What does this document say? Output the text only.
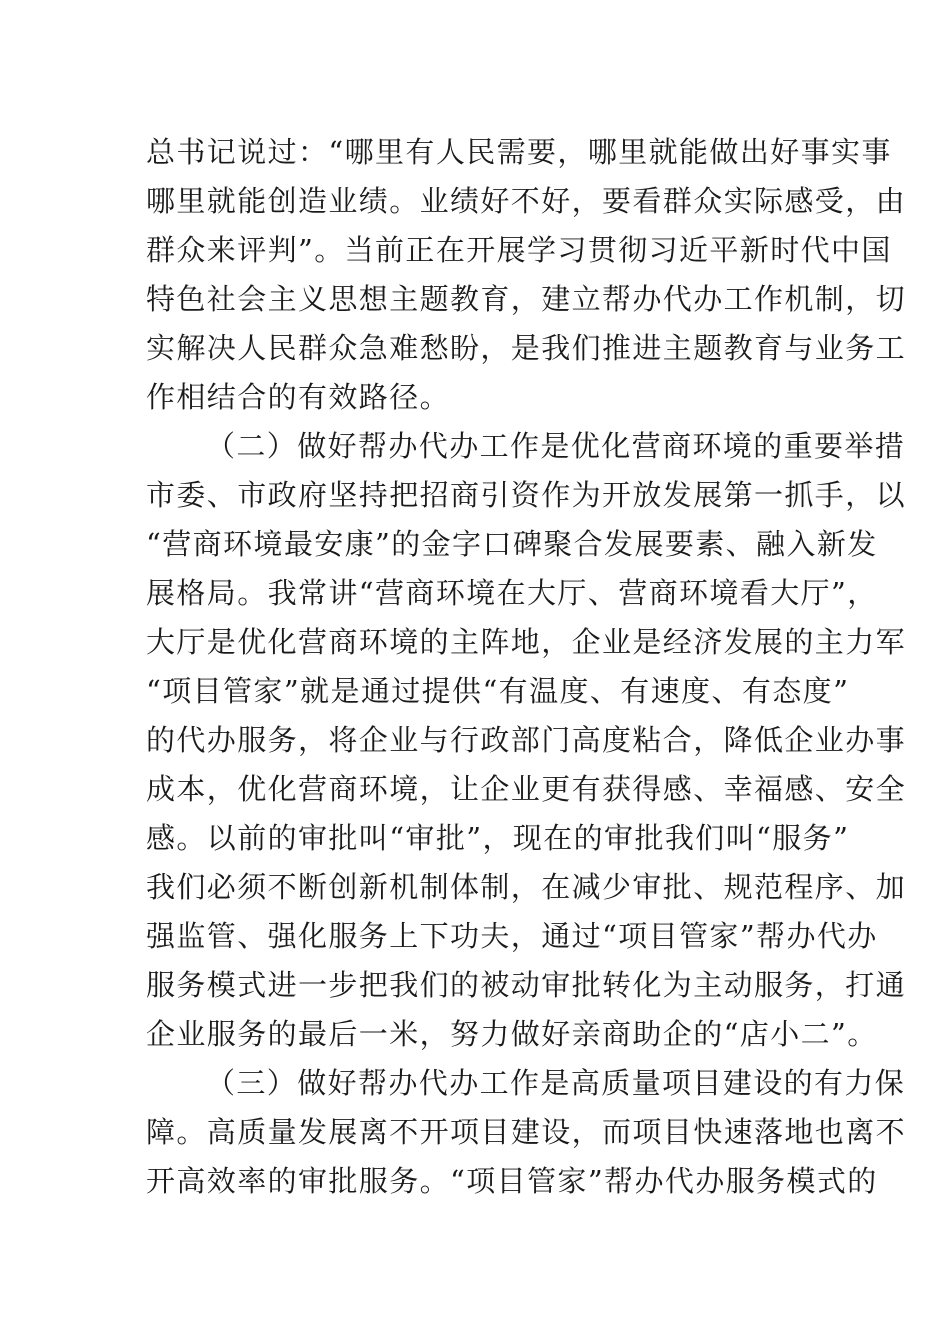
总书记说过：“哪里有人民需要，哪里就能做出好事实事
哪里就能创造业绩。业绩好不好，要看群众实际感受，由
群众来评判”。当前正在开展学习贯彻习近平新时代中国
特色社会主义思想主题教育，建立帮办代办工作机制，切
实解决人民群众急难愁盼，是我们推进主题教育与业务工
作相结合的有效路径。
（二）做好帮办代办工作是优化营商环境的重要举措
市委、市政府坚持把招商引资作为开放发展第一抓手，以
“营商环境最安康”的金字口碑聚合发展要素、融入新发
展格局。我常讲“营商环境在大厅、营商环境看大厅”，
大厅是优化营商环境的主阵地，企业是经济发展的主力军
“项目管家”就是通过提供“有温度、有速度、有态度”
的代办服务，将企业与行政部门高度粘合，降低企业办事
成本，优化营商环境，让企业更有获得感、幸福感、安全
感。以前的审批叫“审批”，现在的审批我们叫“服务”
我们必须不断创新机制体制，在减少审批、规范程序、加
强监管、强化服务上下功夫，通过“项目管家”帮办代办
服务模式进一步把我们的被动审批转化为主动服务，打通
企业服务的最后一米，努力做好亲商助企的“店小二”。
（三）做好帮办代办工作是高质量项目建设的有力保
障。高质量发展离不开项目建设，而项目快速落地也离不
开高效率的审批服务。“项目管家”帮办代办服务模式的
